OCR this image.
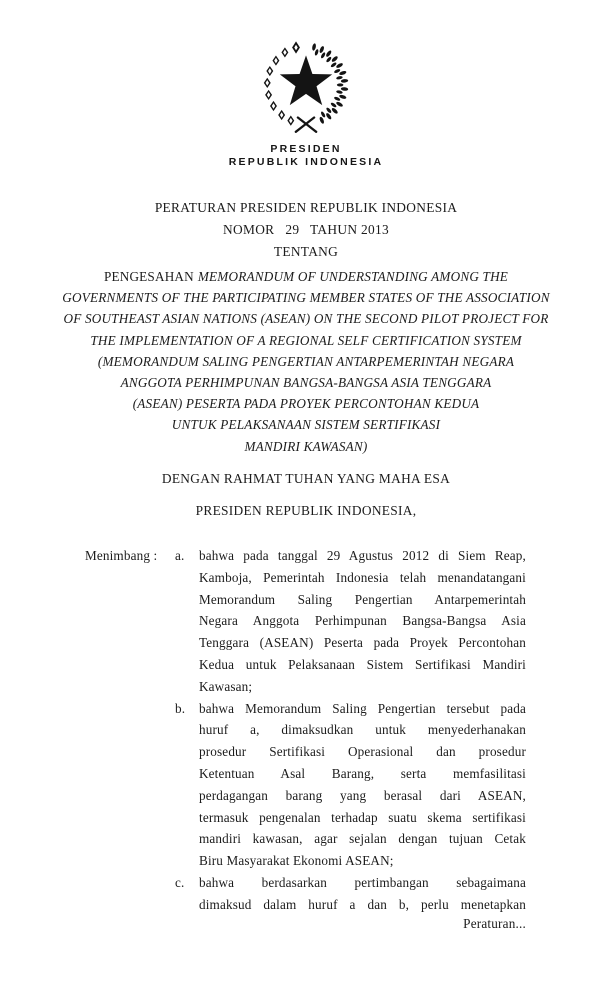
PRESIDEN
REPUBLIK INDONESIA
PERATURAN PRESIDEN REPUBLIK INDONESIA
NOMOR   29   TAHUN 2013
TENTANG
PENGESAHAN MEMORANDUM OF UNDERSTANDING AMONG THE
GOVERNMENTS OF THE PARTICIPATING MEMBER STATES OF THE ASSOCIATION
OF SOUTHEAST ASIAN NATIONS (ASEAN) ON THE SECOND PILOT PROJECT FOR
THE IMPLEMENTATION OF A REGIONAL SELF CERTIFICATION SYSTEM
(MEMORANDUM SALING PENGERTIAN ANTARPEMERINTAH NEGARA
ANGGOTA PERHIMPUNAN BANGSA-BANGSA ASIA TENGGARA
(ASEAN) PESERTA PADA PROYEK PERCONTOHAN KEDUA
UNTUK PELAKSANAAN SISTEM SERTIFIKASI
MANDIRI KAWASAN)
DENGAN RAHMAT TUHAN YANG MAHA ESA
PRESIDEN REPUBLIK INDONESIA,
Menimbang : a.	bahwa pada tanggal 29 Agustus 2012 di Siem Reap,
Kamboja, Pemerintah Indonesia telah menandatangani
Memorandum Saling Pengertian Antarpemerintah
Negara Anggota Perhimpunan Bangsa-Bangsa Asia
Tenggara (ASEAN) Peserta pada Proyek Percontohan
Kedua untuk Pelaksanaan Sistem Sertifikasi Mandiri
Kawasan;
b.	bahwa Memorandum Saling Pengertian tersebut pada
huruf a, dimaksudkan untuk menyederhanakan
prosedur Sertifikasi Operasional dan prosedur
Ketentuan Asal Barang, serta memfasilitasi
perdagangan barang yang berasal dari ASEAN,
termasuk pengenalan terhadap suatu skema sertifikasi
mandiri kawasan, agar sejalan dengan tujuan Cetak
Biru Masyarakat Ekonomi ASEAN;
c.	bahwa berdasarkan pertimbangan sebagaimana
dimaksud dalam huruf a dan b, perlu menetapkan
Peraturan...
